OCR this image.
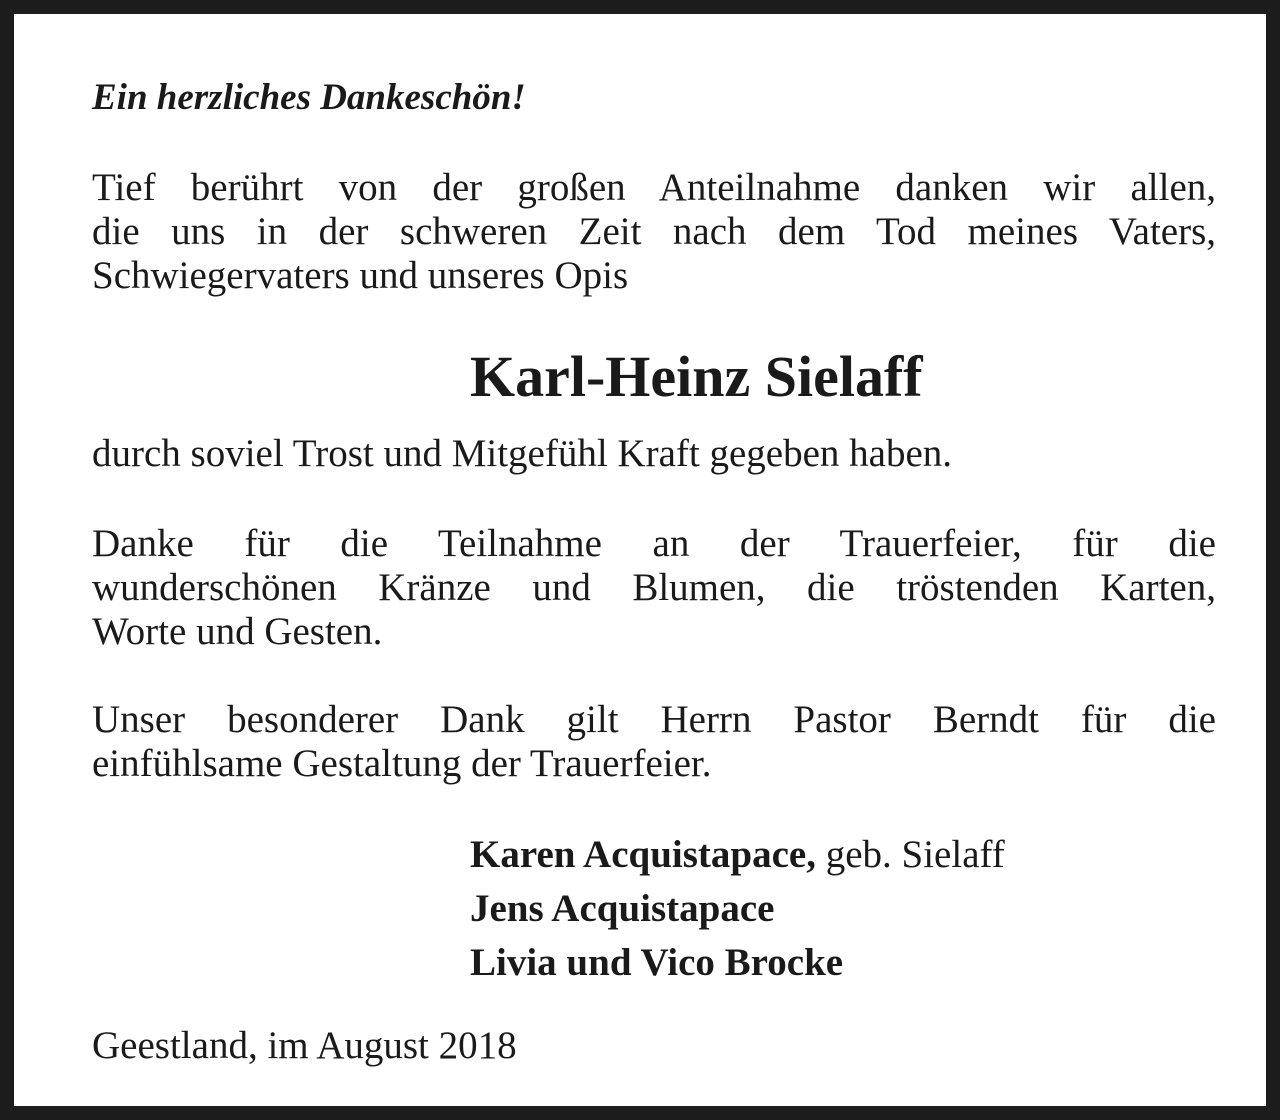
Ein herzliches Dankeschön!

Tief berührt von der großen Anteilnahme danken wir allen,
die uns in der schweren Zeit nach dem Tod meines Vaters,
Schwiegervaters und unseres Opis

Karl-Heinz Sielaff

durch soviel Trost und Mitgefühl Kraft gegeben haben.

Danke für die Teilnahme an der Trauerfeier, für die
wunderschönen Kränze und Blumen, die tröstenden Karten,
Worte und Gesten.
Unser besonderer Dank gilt Herrn Pastor Berndt für die
einfühlsame Gestaltung der Trauerfeier.
Karen Acquistapace, geb. Sielaff
Jens Acquistapace
Livia und Vico Brocke

Geestland, im August 2018
